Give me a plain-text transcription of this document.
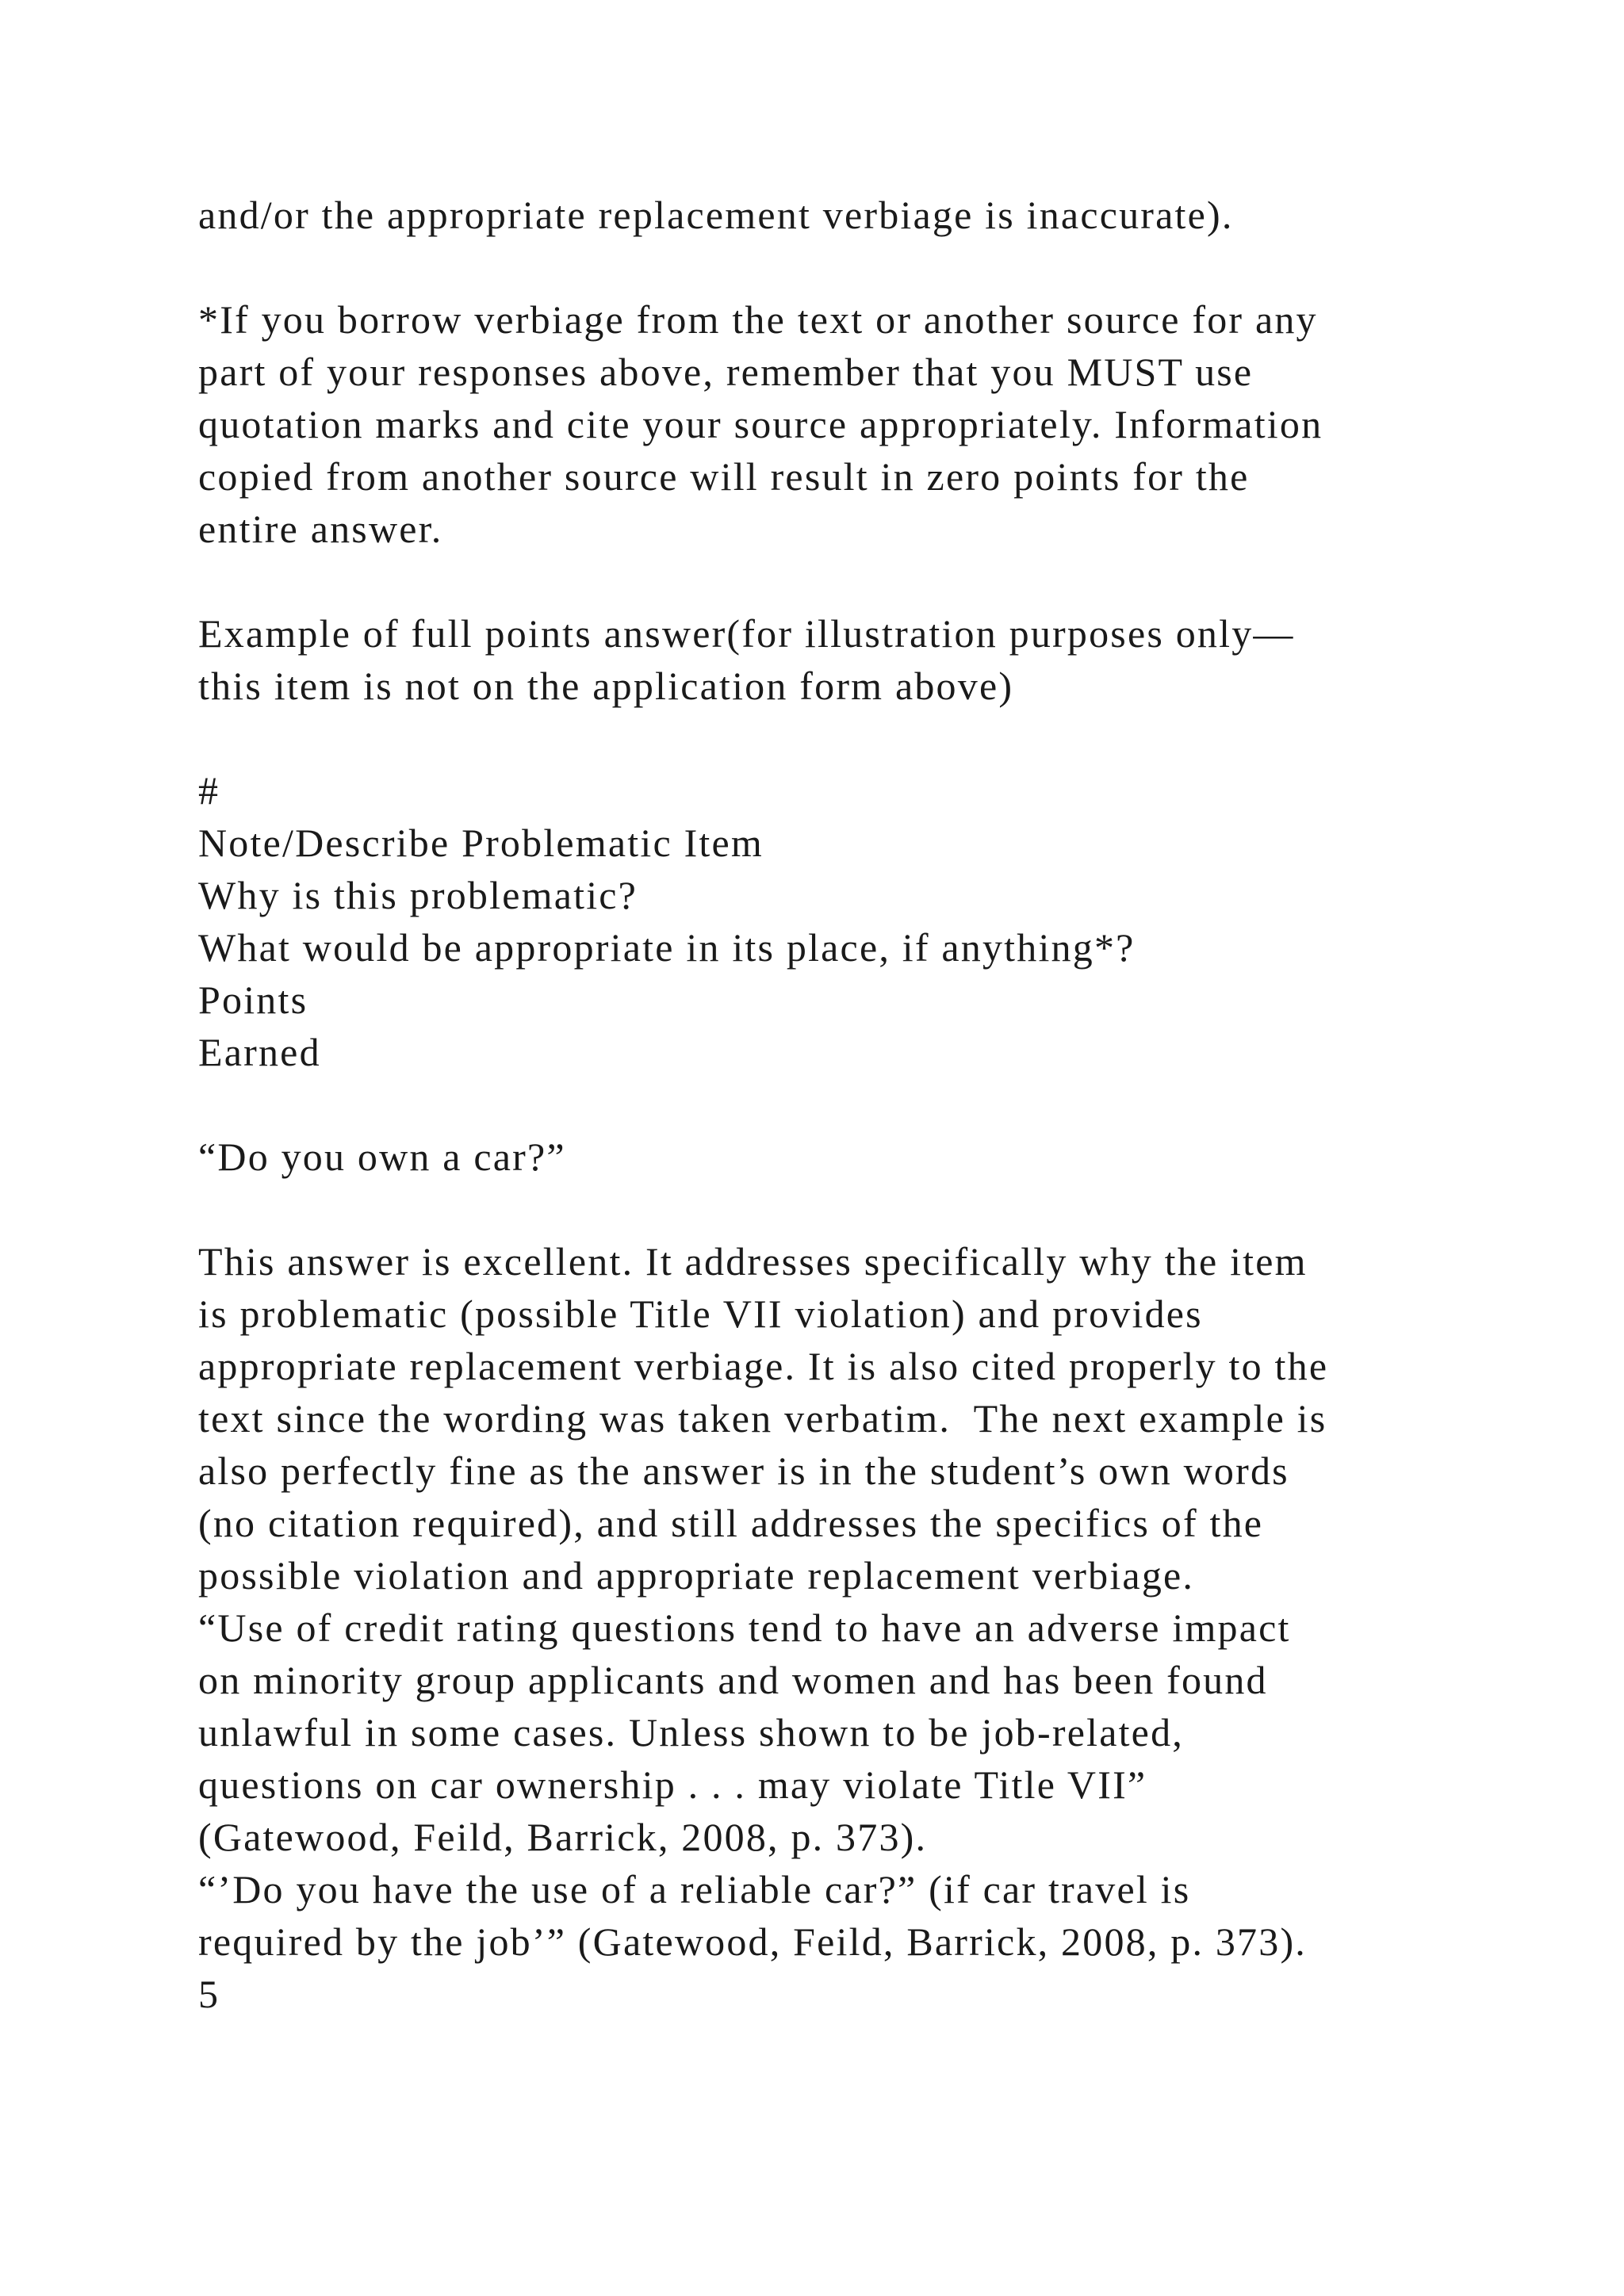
and/or the appropriate replacement verbiage is inaccurate).
*If you borrow verbiage from the text or another source for any
part of your responses above, remember that you MUST use
quotation marks and cite your source appropriately. Information
copied from another source will result in zero points for the
entire answer.
Example of full points answer(for illustration purposes only—
this item is not on the application form above)
#
Note/Describe Problematic Item
Why is this problematic?
What would be appropriate in its place, if anything*?
Points
Earned
“Do you own a car?”
This answer is excellent. It addresses specifically why the item
is problematic (possible Title VII violation) and provides
appropriate replacement verbiage. It is also cited properly to the
text since the wording was taken verbatim.  The next example is
also perfectly fine as the answer is in the student’s own words
(no citation required), and still addresses the specifics of the
possible violation and appropriate replacement verbiage.
“Use of credit rating questions tend to have an adverse impact
on minority group applicants and women and has been found
unlawful in some cases. Unless shown to be job-related,
questions on car ownership . . . may violate Title VII”
(Gatewood, Feild, Barrick, 2008, p. 373).
“’Do you have the use of a reliable car?” (if car travel is
required by the job’” (Gatewood, Feild, Barrick, 2008, p. 373).
5
